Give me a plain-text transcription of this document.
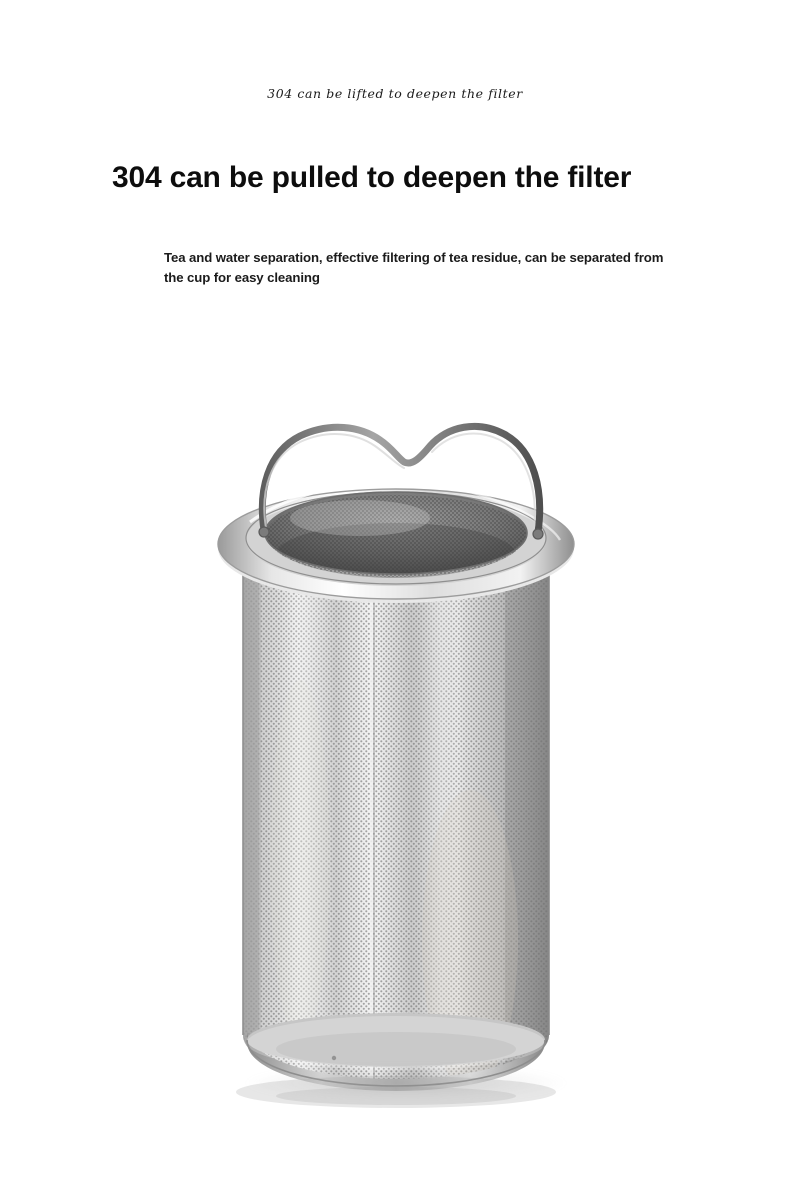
304 can be lifted to deepen the filter
304 can be pulled to deepen the filter
Tea and water separation, effective filtering of tea residue, can be separated from the cup for easy cleaning
